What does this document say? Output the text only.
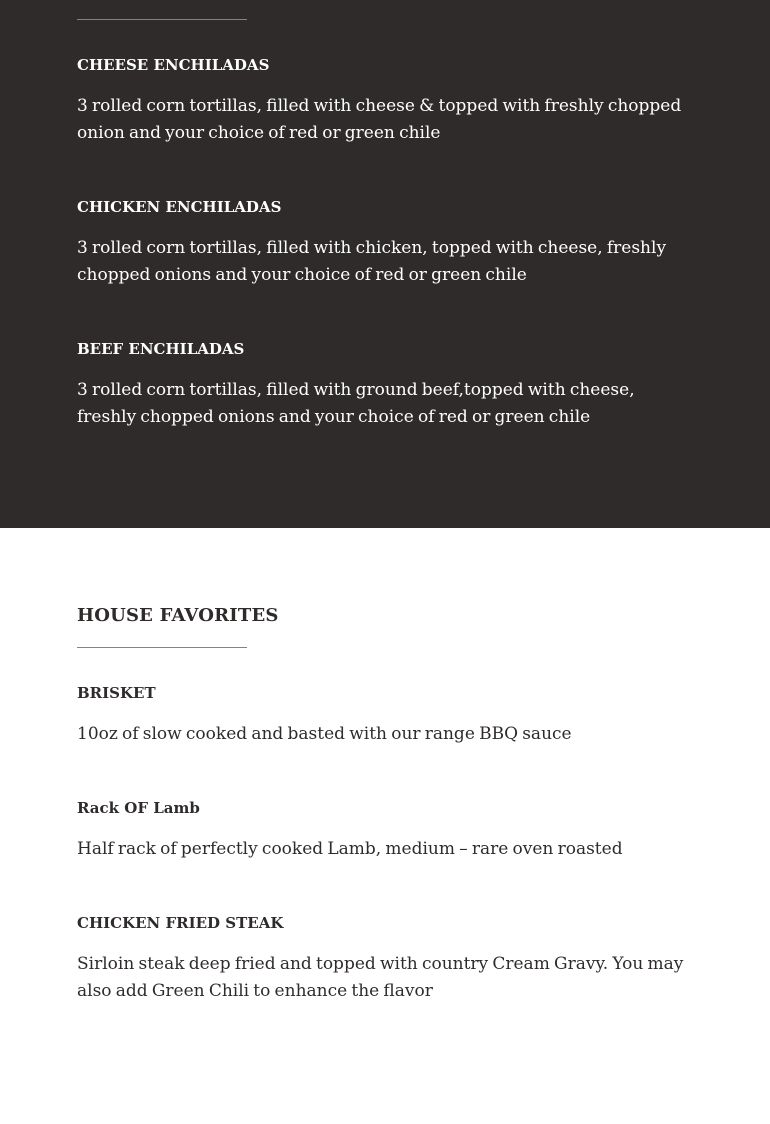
CHEESE ENCHILADAS

3 rolled corn tortillas, filled with cheese & topped with freshly chopped onion and your choice of red or green chile

CHICKEN ENCHILADAS

3 rolled corn tortillas, filled with chicken, topped with cheese, freshly chopped onions and your choice of red or green chile

BEEF ENCHILADAS

3 rolled corn tortillas, filled with ground beef,topped with cheese, freshly chopped onions and your choice of red or green chile

HOUSE FAVORITES
BRISKET

10oz of slow cooked and basted with our range BBQ sauce

Rack OF Lamb

Half rack of perfectly cooked Lamb, medium – rare oven roasted

CHICKEN FRIED STEAK

Sirloin steak deep fried and topped with country Cream Gravy. You may also add Green Chili to enhance the flavor
